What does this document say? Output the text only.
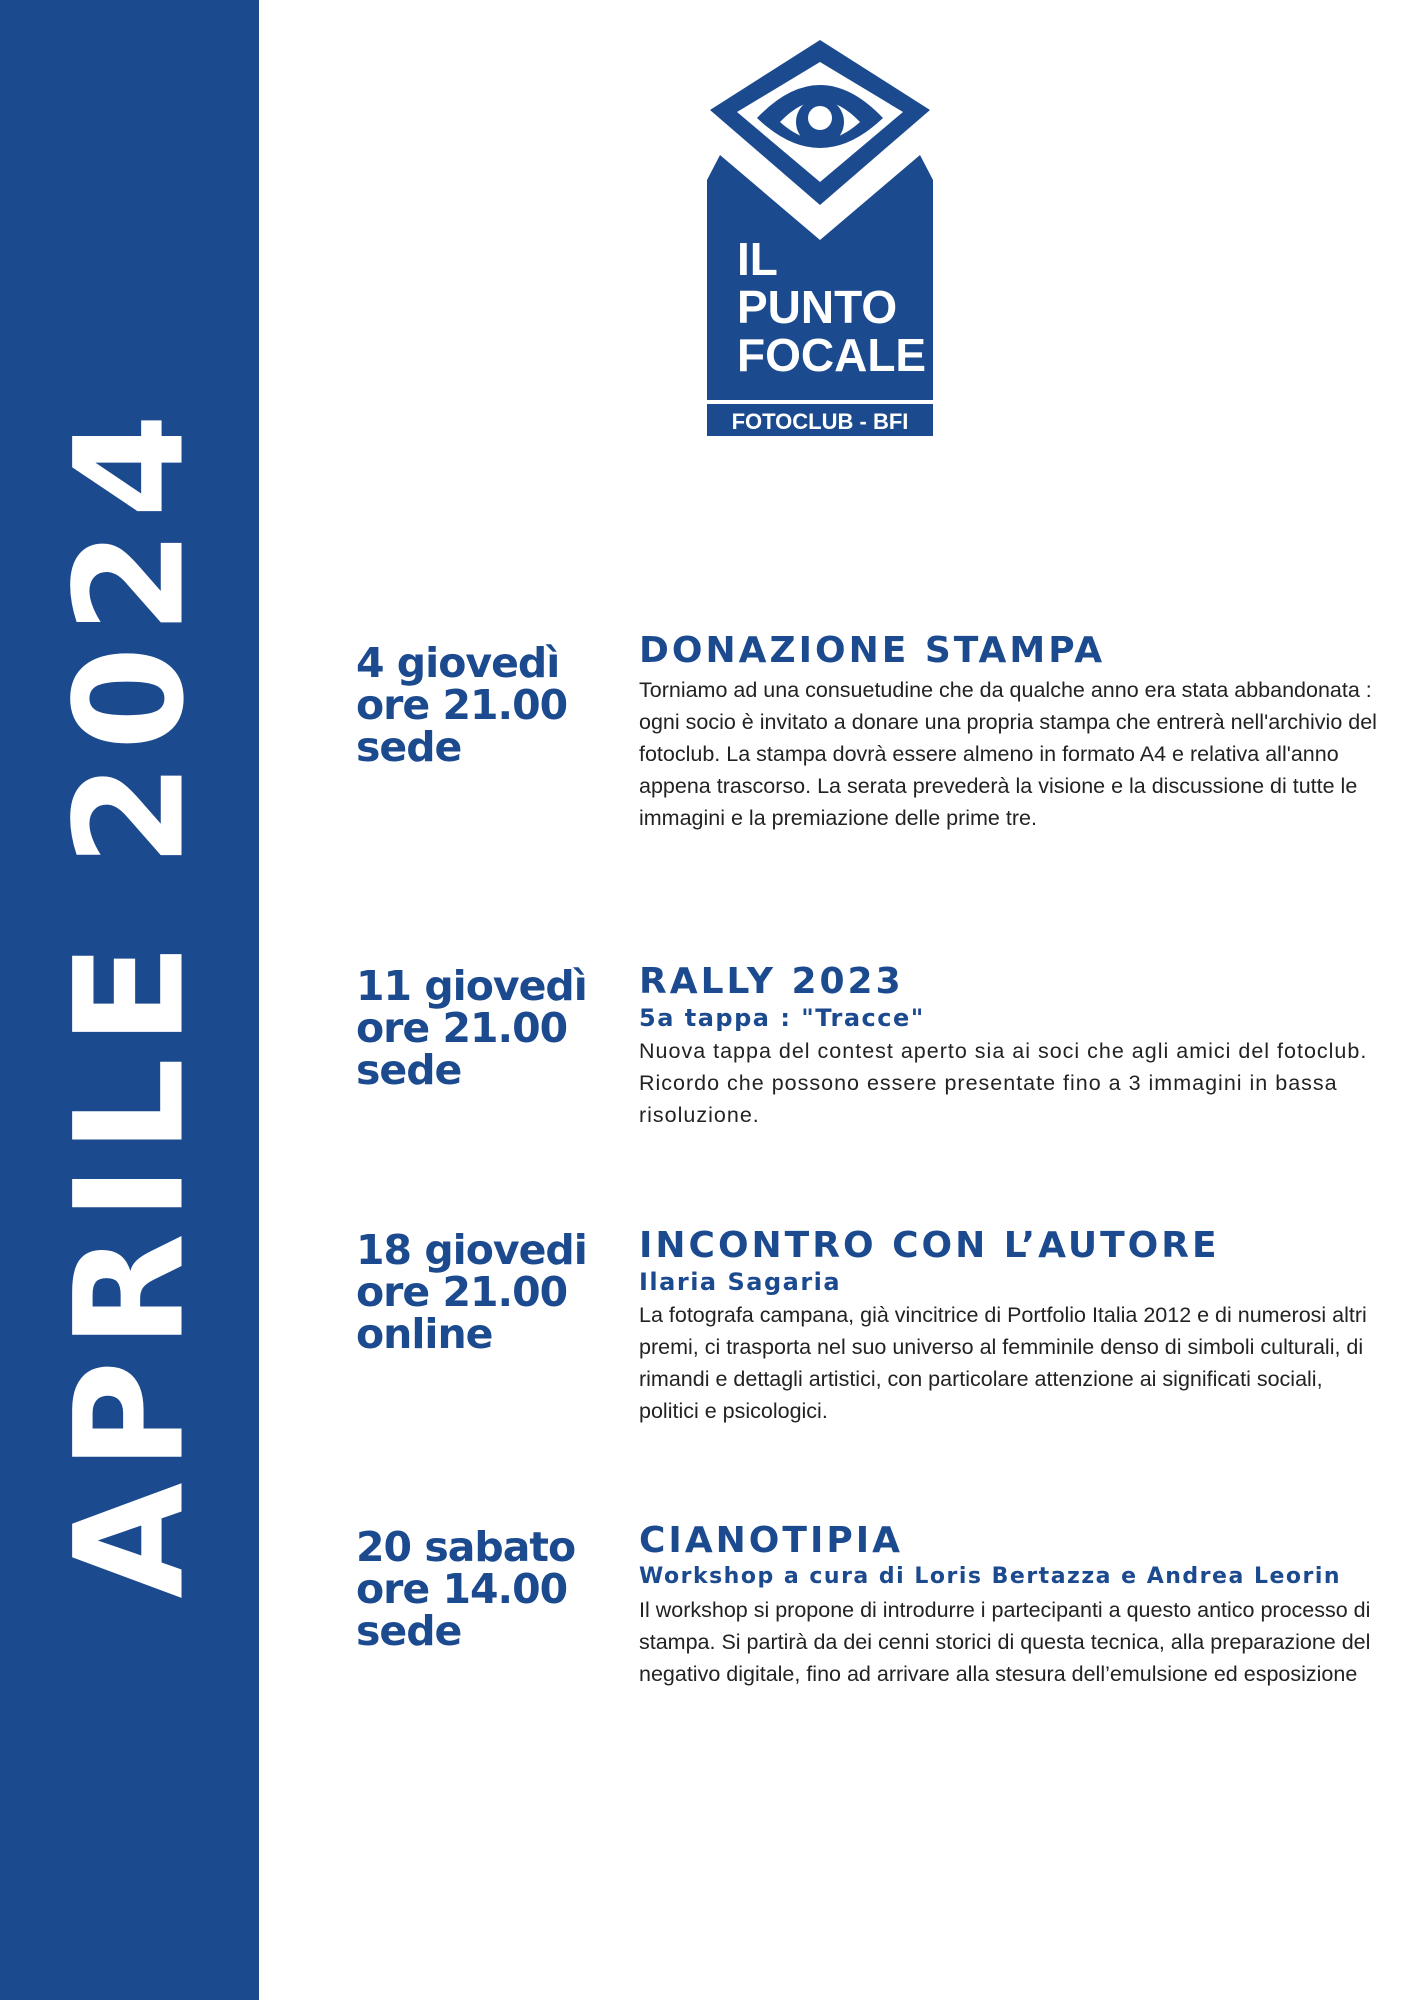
APRILE 2024
IL
PUNTO
FOCALE
FOTOCLUB - BFI
4 giovedì
ore 21.00
sede
DONAZIONE STAMPA
Torniamo ad una consuetudine che da qualche anno era stata abbandonata : ogni socio è invitato a donare una propria stampa che entrerà nell'archivio del fotoclub. La stampa dovrà essere almeno in formato A4 e relativa all'anno appena trascorso. La serata prevederà la visione e la discussione di tutte le immagini e la premiazione delle prime tre.
11 giovedì
ore 21.00
sede
RALLY 2023
5a tappa : "Tracce"
Nuova tappa del contest aperto sia ai soci che agli amici del fotoclub. Ricordo che possono essere presentate fino a 3 immagini in bassa risoluzione.
18 giovedi
ore 21.00
online
INCONTRO CON L’AUTORE
Ilaria Sagaria
La fotografa campana, già vincitrice di Portfolio Italia 2012 e di numerosi altri premi, ci trasporta nel suo universo al femminile denso di simboli culturali, di rimandi e dettagli artistici, con particolare attenzione ai significati sociali, politici e psicologici.
20 sabato
ore 14.00
sede
CIANOTIPIA
Workshop a cura di Loris Bertazza e Andrea Leorin
Il workshop si propone di introdurre i partecipanti a questo antico processo di stampa. Si partirà da dei cenni storici di questa tecnica, alla preparazione del negativo digitale, fino ad arrivare alla stesura dell’emulsione ed esposizione
